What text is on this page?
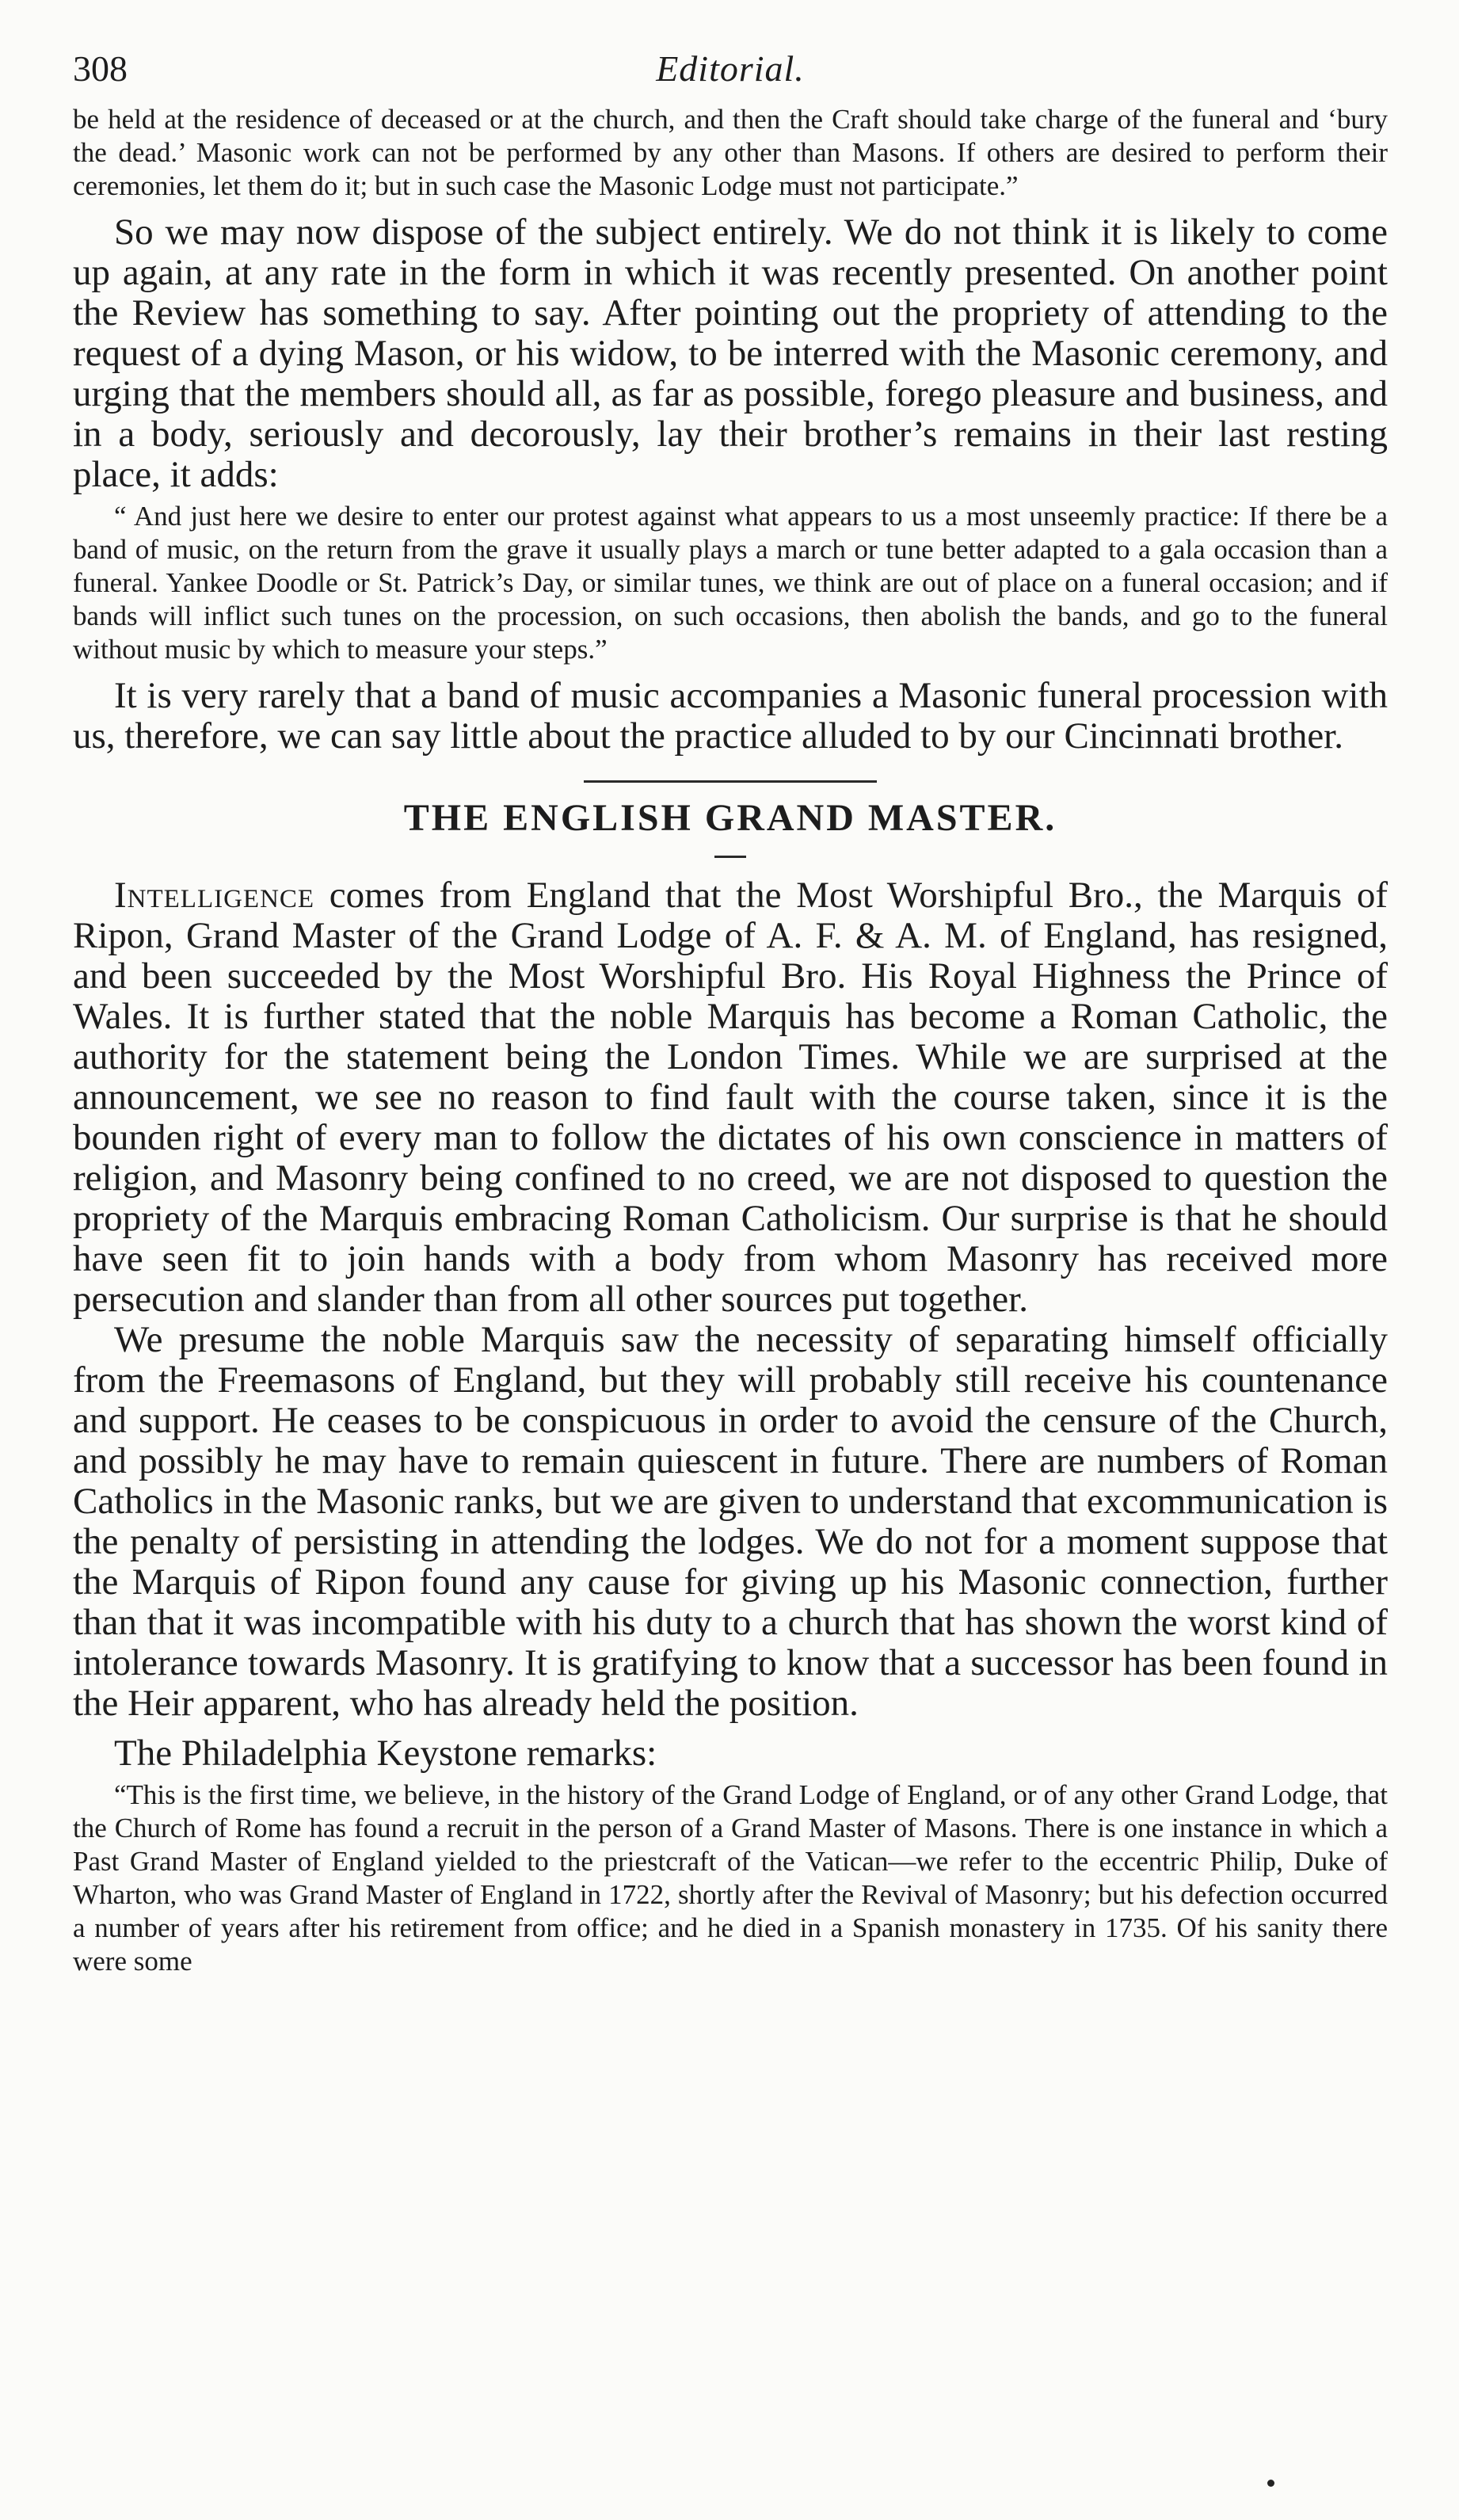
308	Editorial.

be held at the residence of deceased or at the church, and then the Craft should take charge of the funeral and ‘bury the dead.’ Masonic work can not be performed by any other than Masons. If others are desired to perform their ceremonies, let them do it; but in such case the Masonic Lodge must not participate.”

So we may now dispose of the subject entirely. We do not think it is likely to come up again, at any rate in the form in which it was recently presented. On another point the Review has something to say. After pointing out the propriety of attending to the request of a dying Mason, or his widow, to be interred with the Masonic ceremony, and urging that the members should all, as far as possible, forego pleasure and business, and in a body, seriously and decorously, lay their brother’s remains in their last resting place, it adds:

“ And just here we desire to enter our protest against what appears to us a most unseemly practice: If there be a band of music, on the return from the grave it usually plays a march or tune better adapted to a gala occasion than a funeral. Yankee Doodle or St. Patrick’s Day, or similar tunes, we think are out of place on a funeral occasion; and if bands will inflict such tunes on the procession, on such occasions, then abolish the bands, and go to the funeral without music by which to measure your steps.”

It is very rarely that a band of music accompanies a Masonic funeral procession with us, therefore, we can say little about the practice alluded to by our Cincinnati brother.

THE ENGLISH GRAND MASTER.

Intelligence comes from England that the Most Worshipful Bro., the Marquis of Ripon, Grand Master of the Grand Lodge of A. F. & A. M. of England, has resigned, and been succeeded by the Most Worshipful Bro. His Royal Highness the Prince of Wales. It is further stated that the noble Marquis has become a Roman Catholic, the authority for the statement being the London Times. While we are surprised at the announcement, we see no reason to find fault with the course taken, since it is the bounden right of every man to follow the dictates of his own conscience in matters of religion, and Masonry being confined to no creed, we are not disposed to question the propriety of the Marquis embracing Roman Catholicism. Our surprise is that he should have seen fit to join hands with a body from whom Masonry has received more persecution and slander than from all other sources put together.

We presume the noble Marquis saw the necessity of separating himself officially from the Freemasons of England, but they will probably still receive his countenance and support. He ceases to be conspicuous in order to avoid the censure of the Church, and possibly he may have to remain quiescent in future. There are numbers of Roman Catholics in the Masonic ranks, but we are given to understand that excommunication is the penalty of persisting in attending the lodges. We do not for a moment suppose that the Marquis of Ripon found any cause for giving up his Masonic connection, further than that it was incompatible with his duty to a church that has shown the worst kind of intolerance towards Masonry. It is gratifying to know that a successor has been found in the Heir apparent, who has already held the position.

The Philadelphia Keystone remarks:

“This is the first time, we believe, in the history of the Grand Lodge of England, or of any other Grand Lodge, that the Church of Rome has found a recruit in the person of a Grand Master of Masons. There is one instance in which a Past Grand Master of England yielded to the priestcraft of the Vatican—we refer to the eccentric Philip, Duke of Wharton, who was Grand Master of England in 1722, shortly after the Revival of Masonry; but his defection occurred a number of years after his retirement from office; and he died in a Spanish monastery in 1735. Of his sanity there were some
